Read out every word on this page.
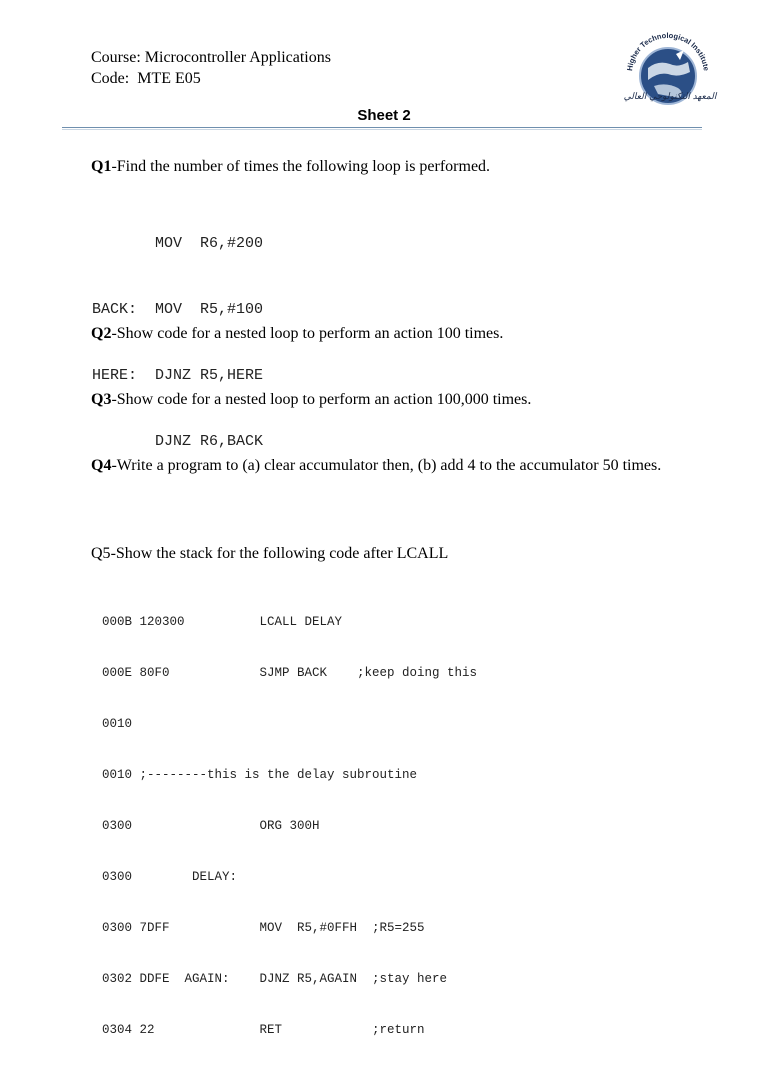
Course: Microcontroller Applications
Code:  MTE E05
Higher Technological Institute
المعهد التكنولوجي العالي
Sheet 2
Q1-Find the number of times the following loop is performed.

MOV  R6,#200

BACK:  MOV  R5,#100

HERE:  DJNZ R5,HERE

DJNZ R6,BACK

Q2-Show code for a nested loop to perform an action 100 times.
Q3-Show code for a nested loop to perform an action 100,000 times.
Q4-Write a program to (a) clear accumulator then, (b) add 4 to the accumulator 50 times.
Q5-Show the stack for the following code after LCALL

000B 120300          LCALL DELAY

000E 80F0            SJMP BACK    ;keep doing this

0010

0010 ;--------this is the delay subroutine

0300                 ORG 300H

0300        DELAY:

0300 7DFF            MOV  R5,#0FFH  ;R5=255

0302 DDFE  AGAIN:    DJNZ R5,AGAIN  ;stay here

0304 22              RET            ;return
